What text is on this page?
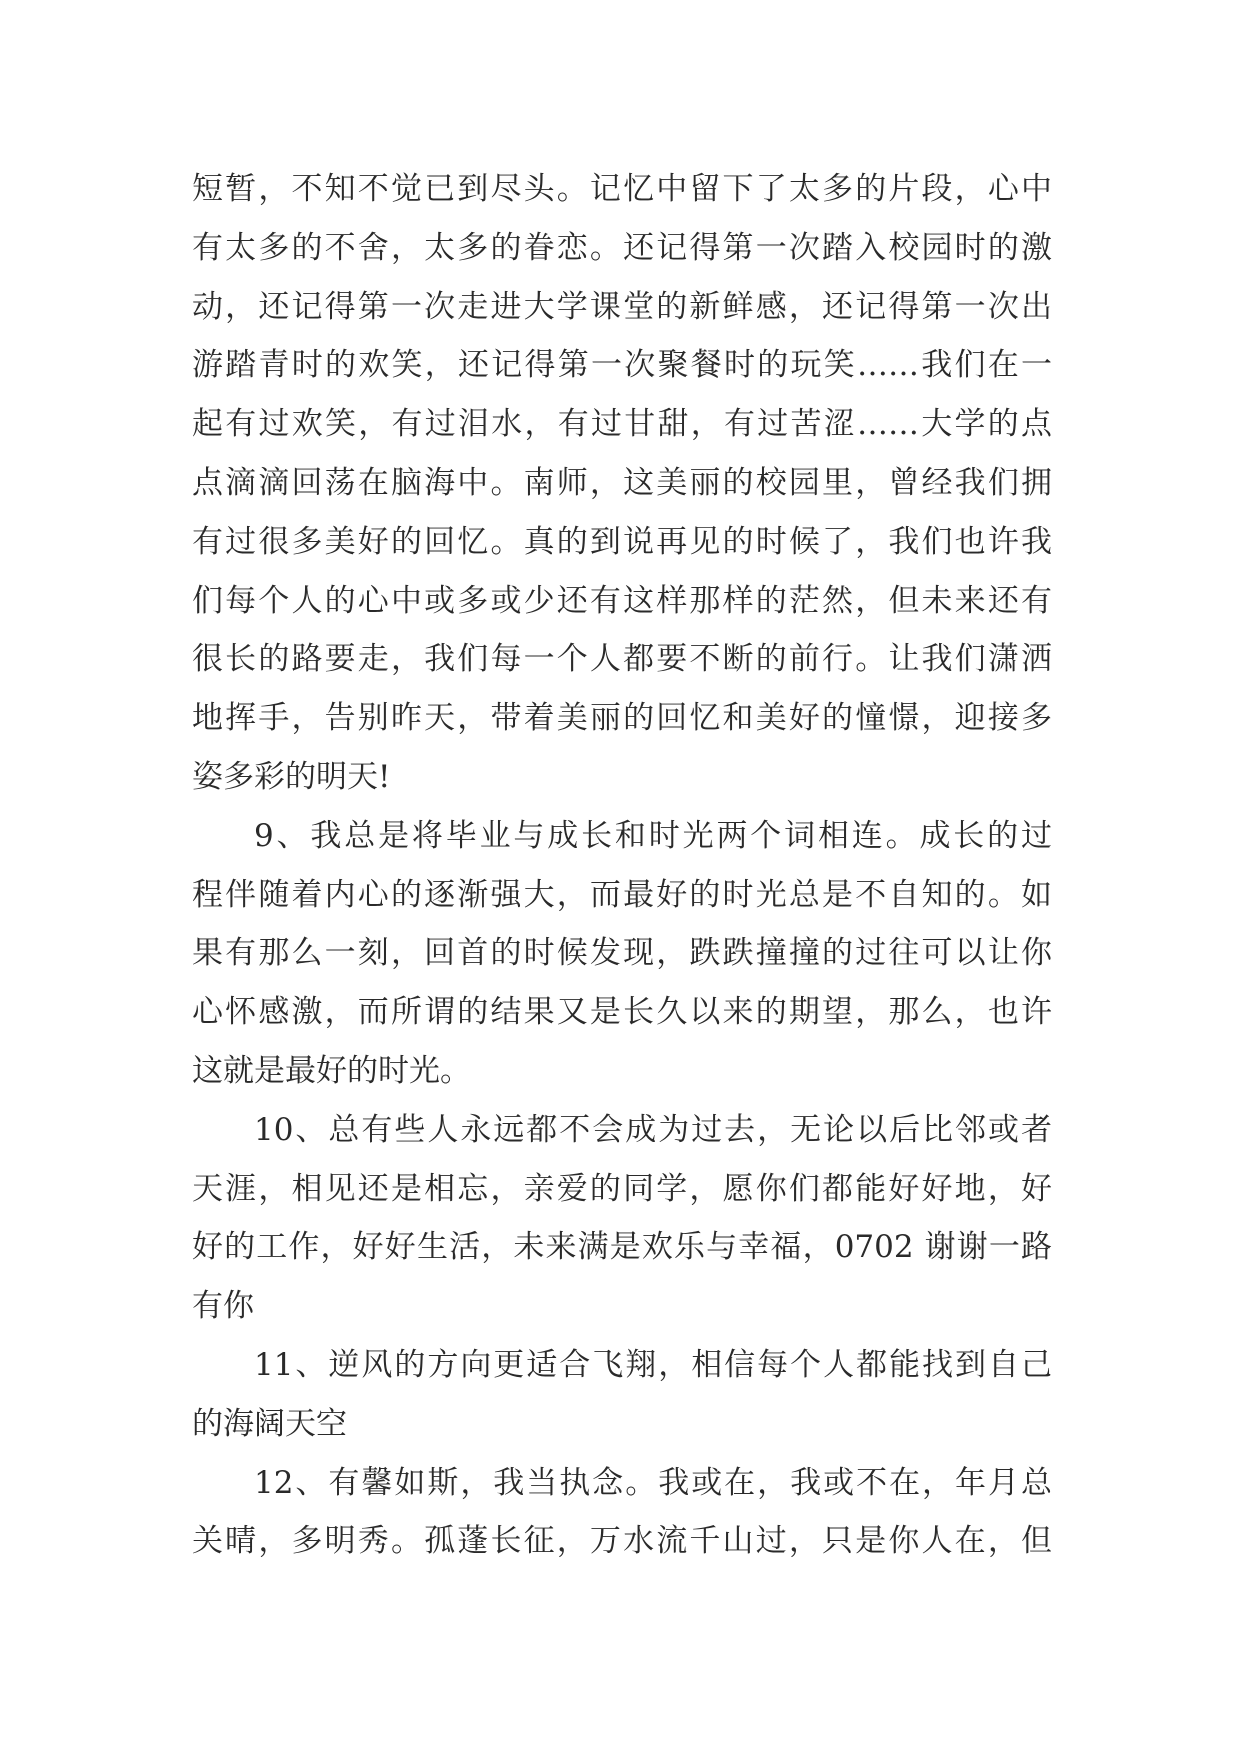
短暂，不知不觉已到尽头。记忆中留下了太多的片段，心中
有太多的不舍，太多的眷恋。还记得第一次踏入校园时的激
动，还记得第一次走进大学课堂的新鲜感，还记得第一次出
游踏青时的欢笑，还记得第一次聚餐时的玩笑……我们在一
起有过欢笑，有过泪水，有过甘甜，有过苦涩……大学的点
点滴滴回荡在脑海中。南师，这美丽的校园里，曾经我们拥
有过很多美好的回忆。真的到说再见的时候了，我们也许我
们每个人的心中或多或少还有这样那样的茫然，但未来还有
很长的路要走，我们每一个人都要不断的前行。让我们潇洒
地挥手，告别昨天，带着美丽的回忆和美好的憧憬，迎接多
姿多彩的明天!
9、我总是将毕业与成长和时光两个词相连。成长的过
程伴随着内心的逐渐强大，而最好的时光总是不自知的。如
果有那么一刻，回首的时候发现，跌跌撞撞的过往可以让你
心怀感激，而所谓的结果又是长久以来的期望，那么，也许
这就是最好的时光。
10、总有些人永远都不会成为过去，无论以后比邻或者
天涯，相见还是相忘，亲爱的同学，愿你们都能好好地，好
好的工作，好好生活，未来满是欢乐与幸福，0702 谢谢一路
有你
11、逆风的方向更适合飞翔，相信每个人都能找到自己
的海阔天空
12、有馨如斯，我当执念。我或在，我或不在，年月总
关晴，多明秀。孤蓬长征，万水流千山过，只是你人在，但
